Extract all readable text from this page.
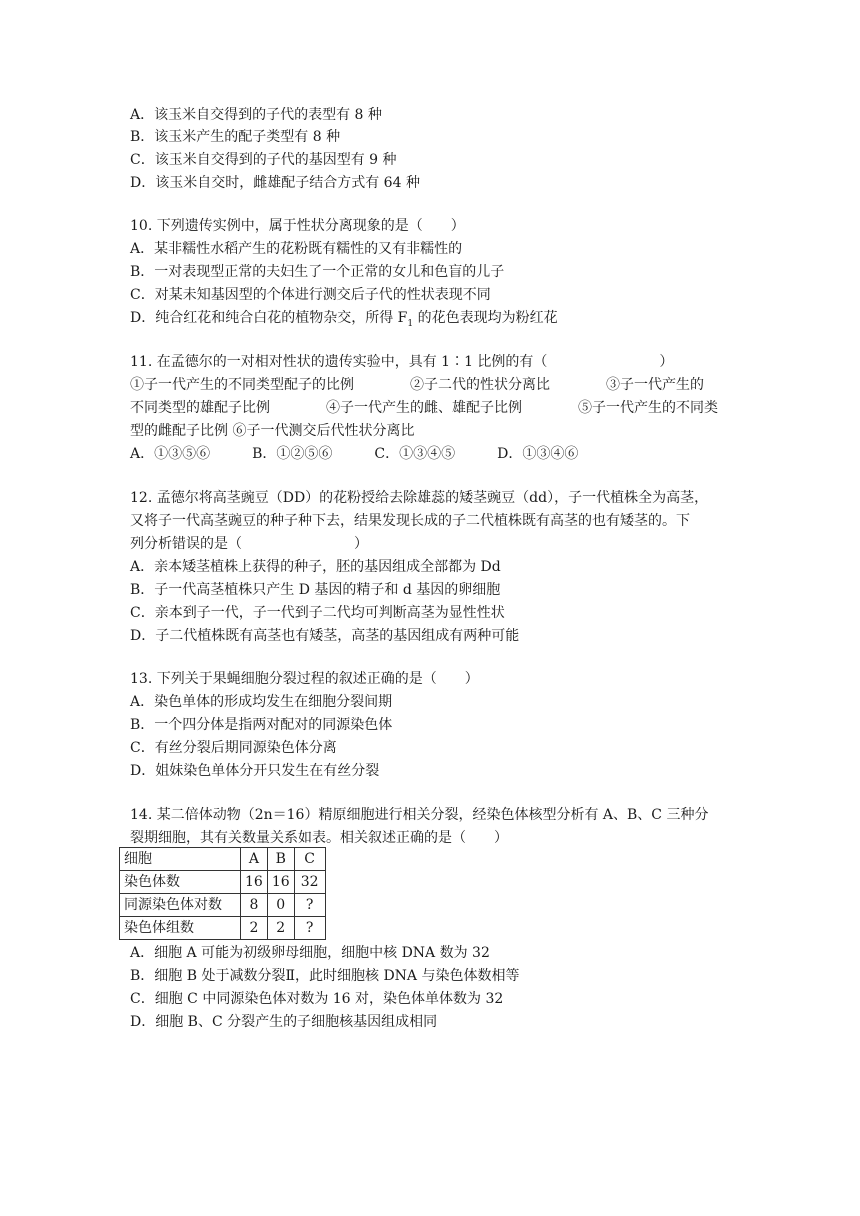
A．该玉米自交得到的子代的表型有 8 种
B．该玉米产生的配子类型有 8 种
C．该玉米自交得到的子代的基因型有 9 种
D．该玉米自交时，雌雄配子结合方式有 64 种
10. 下列遗传实例中，属于性状分离现象的是（　　）
A．某非糯性水稻产生的花粉既有糯性的又有非糯性的
B．一对表现型正常的夫妇生了一个正常的女儿和色盲的儿子
C．对某未知基因型的个体进行测交后子代的性状表现不同
D．纯合红花和纯合白花的植物杂交，所得 $F_1$ 的花色表现均为粉红花
11. 在孟德尔的一对相对性状的遗传实验中，具有 1∶1 比例的有（　　　　　　　　）
①子一代产生的不同类型配子的比例　　　　②子二代的性状分离比　　　　③子一代产生的
不同类型的雄配子比例　　　　④子一代产生的雌、雄配子比例　　　　⑤子一代产生的不同类
型的雌配子比例 ⑥子一代测交后代性状分离比
A．①③⑤⑥　　　B．①②⑤⑥　　　C．①③④⑤　　　D．①③④⑥
12. 孟德尔将高茎豌豆（DD）的花粉授给去除雄蕊的矮茎豌豆（dd），子一代植株全为高茎，
又将子一代高茎豌豆的种子种下去，结果发现长成的子二代植株既有高茎的也有矮茎的。下
列分析错误的是（　　　　　　　　）
A．亲本矮茎植株上获得的种子，胚的基因组成全部都为 Dd
B．子一代高茎植株只产生 D 基因的精子和 d 基因的卵细胞
C．亲本到子一代，子一代到子二代均可判断高茎为显性性状
D．子二代植株既有高茎也有矮茎，高茎的基因组成有两种可能
13. 下列关于果蝇细胞分裂过程的叙述正确的是（　　）
A．染色单体的形成均发生在细胞分裂间期
B．一个四分体是指两对配对的同源染色体
C．有丝分裂后期同源染色体分离
D．姐妹染色单体分开只发生在有丝分裂
14. 某二倍体动物（2n＝16）精原细胞进行相关分裂，经染色体核型分析有 A、B、C 三种分
裂期细胞，其有关数量关系如表。相关叙述正确的是（　　）
细胞	A	B	C
染色体数	16	16	32
同源染色体对数	8	0	?
染色体组数	2	2	?
A．细胞 A 可能为初级卵母细胞，细胞中核 DNA 数为 32
B．细胞 B 处于减数分裂Ⅱ，此时细胞核 DNA 与染色体数相等
C．细胞 C 中同源染色体对数为 16 对，染色体单体数为 32
D．细胞 B、C 分裂产生的子细胞核基因组成相同
